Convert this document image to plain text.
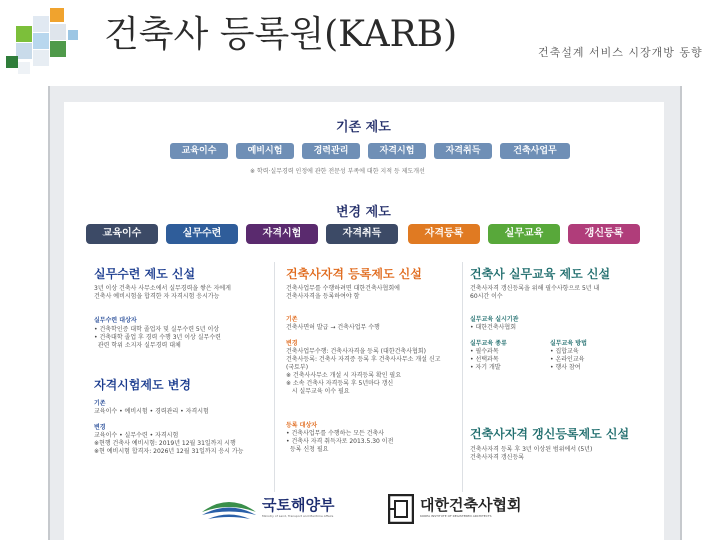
건축사 등록원(KARB)	건축설계 서비스 시장개방 동향
기존 제도
교육이수	예비시험	경력관리	자격시험	자격취득	건축사업무
※ 학력·실무경력 인정에 관한 전문성 부족에 대한 지적 등 제도개선
변경 제도
교육이수	실무수련	자격시험	자격취득	자격등록	실무교육	갱신등록
실무수련 제도 신설
3년 이상 건축사 사무소에서 실무경력을 쌓은 자에게
건축사 예비시험을 합격한 자 자격시험 응시가능
실무수련 대상자
• 건축학인증 대학 졸업자 및 실무수련 5년 이상
• 건축대학 졸업 후 경력 수행 3년 이상 실무수련
관련 학위 소지자 실무경력 대체
자격시험제도 변경
기존
교육이수 • 예비시험 • 경력관리 • 자격시험
변경
교육이수 • 실무수련 • 자격시험
※현행 건축사 예비시험: 2019년 12월 31일까지 시행
※현 예비시험 합격자: 2026년 12월 31일까지 응시 가능
건축사자격 등록제도 신설
건축사업무를 수행하려면 대한건축사협회에
건축사자격을 등록하여야 함
기존
건축사면허 발급 → 건축사업무 수행
변경
건축사업무수행: 건축사자격을 등록 (대한건축사협회)
건축사등록: 건축사 자격증 등록 후 건축사사무소 개설 신고
(국토부)
※ 건축사사무소 개설 시 자격등록 확인 필요
※ 소속 건축사 자격등록 후 5년마다 갱신
시 실무교육 이수 필요
등록 대상자
• 건축사업무를 수행하는 모든 건축사
• 건축사 자격 취득자로 2013.5.30 이전
등록 신청 필요
건축사 실무교육 제도 신설
건축사자격 갱신등록을 위해 필수사항으로 5년 내
60시간 이수
실무교육 실시기관
• 대한건축사협회
실무교육 종류
• 필수과목
• 선택과목
• 자기 개발
실무교육 방법
• 집합교육
• 온라인교육
• 행사 참여
건축사자격 갱신등록제도 신설
건축사자격 등록 후 3년 이상된 범위에서 (5년)
건축사자격 갱신등록
국토해양부
Ministry of Land, Transport and Maritime Affairs
대한건축사협회
KOREA INSTITUTE OF REGISTERED ARCHITECTS
